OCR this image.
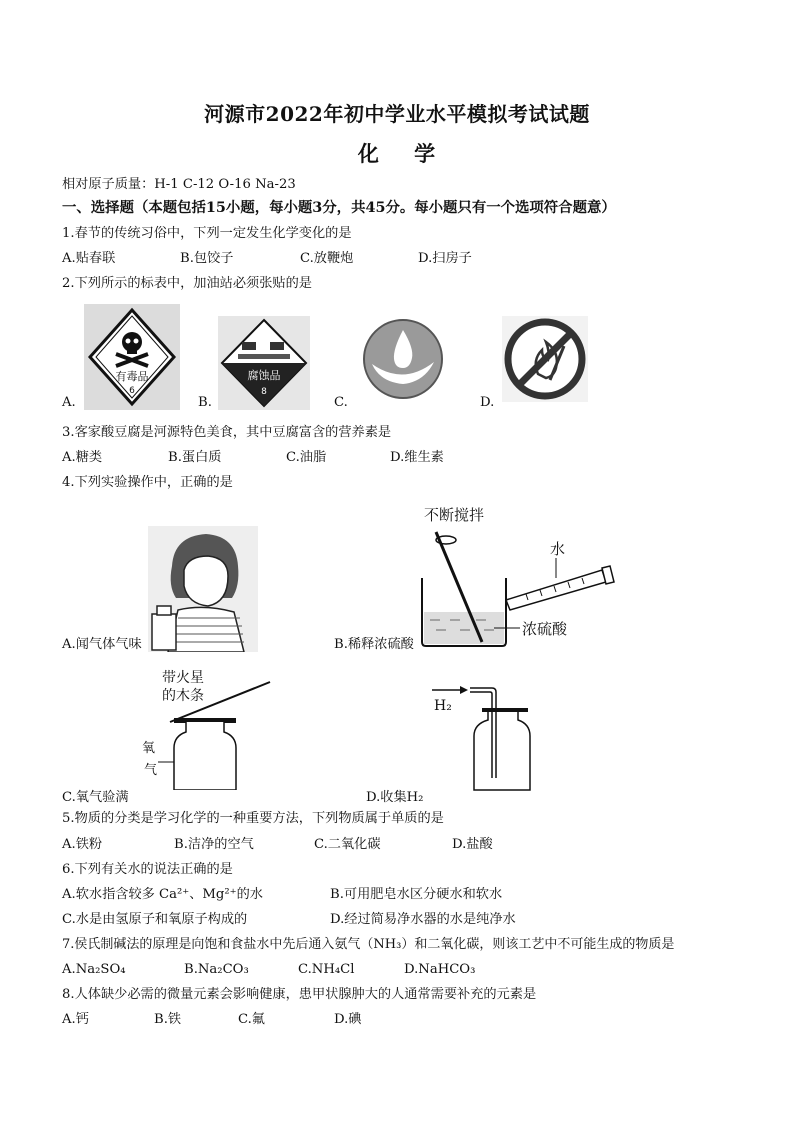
河源市2022年初中学业水平模拟考试试题
化 学
相对原子质量：H-1 C-12 O-16 Na-23
一、选择题（本题包括15小题，每小题3分，共45分。每小题只有一个选项符合题意）
1.春节的传统习俗中，下列一定发生化学变化的是
A.贴春联	B.包饺子	C.放鞭炮	D.扫房子
2.下列所示的标表中，加油站必须张贴的是
A.
有毒品
6
B.
腐蚀品
8
C.	D.
3.客家酸豆腐是河源特色美食，其中豆腐富含的营养素是
A.糖类	B.蛋白质	C.油脂	D.维生素
4.下列实验操作中，正确的是
A.闻气体气味
不断搅拌
水
浓硫酸
B.稀释浓硫酸
带火星
的木条
氧
气
C.氧气验满
H₂
D.收集H₂
5.物质的分类是学习化学的一种重要方法，下列物质属于单质的是
A.铁粉	B.洁净的空气	C.二氧化碳	D.盐酸
6.下列有关水的说法正确的是
A.软水指含较多 Ca²⁺、Mg²⁺的水	B.可用肥皂水区分硬水和软水
C.水是由氢原子和氧原子构成的	D.经过简易净水器的水是纯净水
7.侯氏制碱法的原理是向饱和食盐水中先后通入氨气（NH₃）和二氧化碳，则该工艺中不可能生成的物质是
A.Na₂SO₄	B.Na₂CO₃	C.NH₄Cl	D.NaHCO₃
8.人体缺少必需的微量元素会影响健康，患甲状腺肿大的人通常需要补充的元素是
A.钙	B.铁	C.氟	D.碘
